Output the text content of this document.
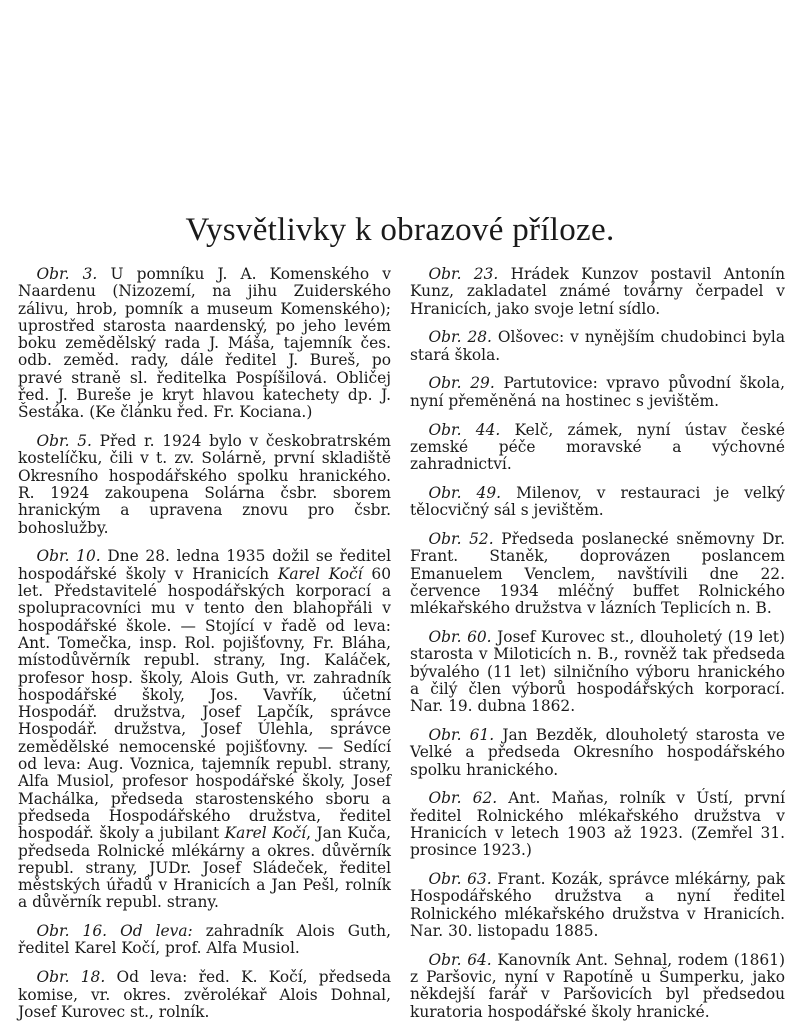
Vysvětlivky k obrazové příloze.

Obr. 3. U pomníku J. A. Komenského v Naardenu (Nizozemí, na jihu Zuiderského zálivu, hrob, pomník a museum Komenského); uprostřed starosta naardenský, po jeho levém boku zemědělský rada J. Máša, tajemník čes. odb. zeměd. rady, dále ředitel J. Bureš, po pravé straně sl. ředitelka Pospíšilová. Obličej řed. J. Bureše je kryt hlavou katechety dp. J. Šestáka. (Ke článku řed. Fr. Kociana.)

Obr. 5. Před r. 1924 bylo v českobratrském kostelíčku, čili v t. zv. Solárně, první skladiště Okresního hospodářského spolku hranického. R. 1924 zakoupena Solárna čsbr. sborem hranickým a upravena znovu pro čsbr. bohoslužby.

Obr. 10. Dne 28. ledna 1935 dožil se ředitel hospodářské školy v Hranicích Karel Kočí 60 let. Představitelé hospodářských korporací a spolupracovníci mu v tento den blahopřáli v hospodářské škole. — Stojící v řadě od leva: Ant. Tomečka, insp. Rol. pojišťovny, Fr. Bláha, místodůvěrník republ. strany, Ing. Kaláček, profesor hosp. školy, Alois Guth, vr. zahradník hospodářské školy, Jos. Vavřík, účetní Hospodář. družstva, Josef Lapčík, správce Hospodář. družstva, Josef Úlehla, správce zemědělské nemocenské pojišťovny. — Sedící od leva: Aug. Voznica, tajemník republ. strany, Alfa Musiol, profesor hospodářské školy, Josef Machálka, předseda starostenského sboru a předseda Hospodářského družstva, ředitel hospodář. školy a jubilant Karel Kočí, Jan Kuča, předseda Rolnické mlékárny a okres. důvěrník republ. strany, JUDr. Josef Sládeček, ředitel městských úřadů v Hranicích a Jan Pešl, rolník a důvěrník republ. strany.

Obr. 16. Od leva: zahradník Alois Guth, ředitel Karel Kočí, prof. Alfa Musiol.

Obr. 18. Od leva: řed. K. Kočí, předseda komise, vr. okres. zvěrolékař Alois Dohnal, Josef Kurovec st., rolník.

Obr. 23. Hrádek Kunzov postavil Antonín Kunz, zakladatel známé továrny čerpadel v Hranicích, jako svoje letní sídlo.

Obr. 28. Olšovec: v nynějším chudobinci byla stará škola.

Obr. 29. Partutovice: vpravo původní škola, nyní přeměněná na hostinec s jevištěm.

Obr. 44. Kelč, zámek, nyní ústav české zemské péče moravské a výchovné zahradnictví.

Obr. 49. Milenov, v restauraci je velký tělocvičný sál s jevištěm.

Obr. 52. Předseda poslanecké sněmovny Dr. Frant. Staněk, doprovázen poslancem Emanuelem Venclem, navštívili dne 22. července 1934 mléčný buffet Rolnického mlékařského družstva v lázních Teplicích n. B.

Obr. 60. Josef Kurovec st., dlouholetý (19 let) starosta v Miloticích n. B., rovněž tak předseda bývalého (11 let) silničního výboru hranického a čilý člen výborů hospodářských korporací. Nar. 19. dubna 1862.

Obr. 61. Jan Bezděk, dlouholetý starosta ve Velké a předseda Okresního hospodářského spolku hranického.

Obr. 62. Ant. Maňas, rolník v Ústí, první ředitel Rolnického mlékařského družstva v Hranicích v letech 1903 až 1923. (Zemřel 31. prosince 1923.)

Obr. 63. Frant. Kozák, správce mlékárny, pak Hospodářského družstva a nyní ředitel Rolnického mlékařského družstva v Hranicích. Nar. 30. listopadu 1885.

Obr. 64. Kanovník Ant. Sehnal, rodem (1861) z Paršovic, nyní v Rapotíně u Šumperku, jako někdejší farář v Paršovicích byl předsedou kuratoria hospodářské školy hranické.
